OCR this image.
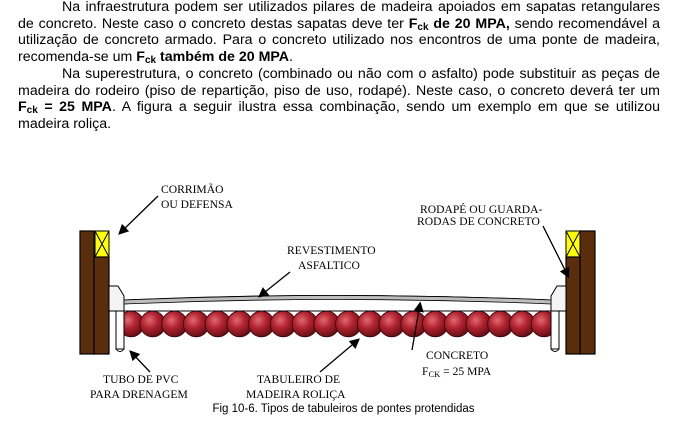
Na infraestrutura podem ser utilizados pilares de madeira apoiados em sapatas retangulares de concreto. Neste caso o concreto destas sapatas deve ter $F_{ck}$ de 20 MPA, sendo recomendável a utilização de concreto armado. Para o concreto utilizado nos encontros de uma ponte de madeira, recomenda-se um $F_{ck}$ também de 20 MPA.

Na superestrutura, o concreto (combinado ou não com o asfalto) pode substituir as peças de madeira do rodeiro (piso de repartição, piso de uso, rodapé). Neste caso, o concreto deverá ter um $F_{ck} = 25$ MPA. A figura a seguir ilustra essa combinação, sendo um exemplo em que se utilizou madeira roliça.

CORRIMÃO
OU DEFENSA	RODAPÉ OU GUARDA-
RODAS DE CONCRETO
REVESTIMENTO
ASFALTICO
CONCRETO
FCK = 25 MPA
TUBO DE PVC
PARA DRENAGEM
TABULEIRO DE
MADEIRA ROLIÇA
Fig 10-6. Tipos de tabuleiros de pontes protendidas
